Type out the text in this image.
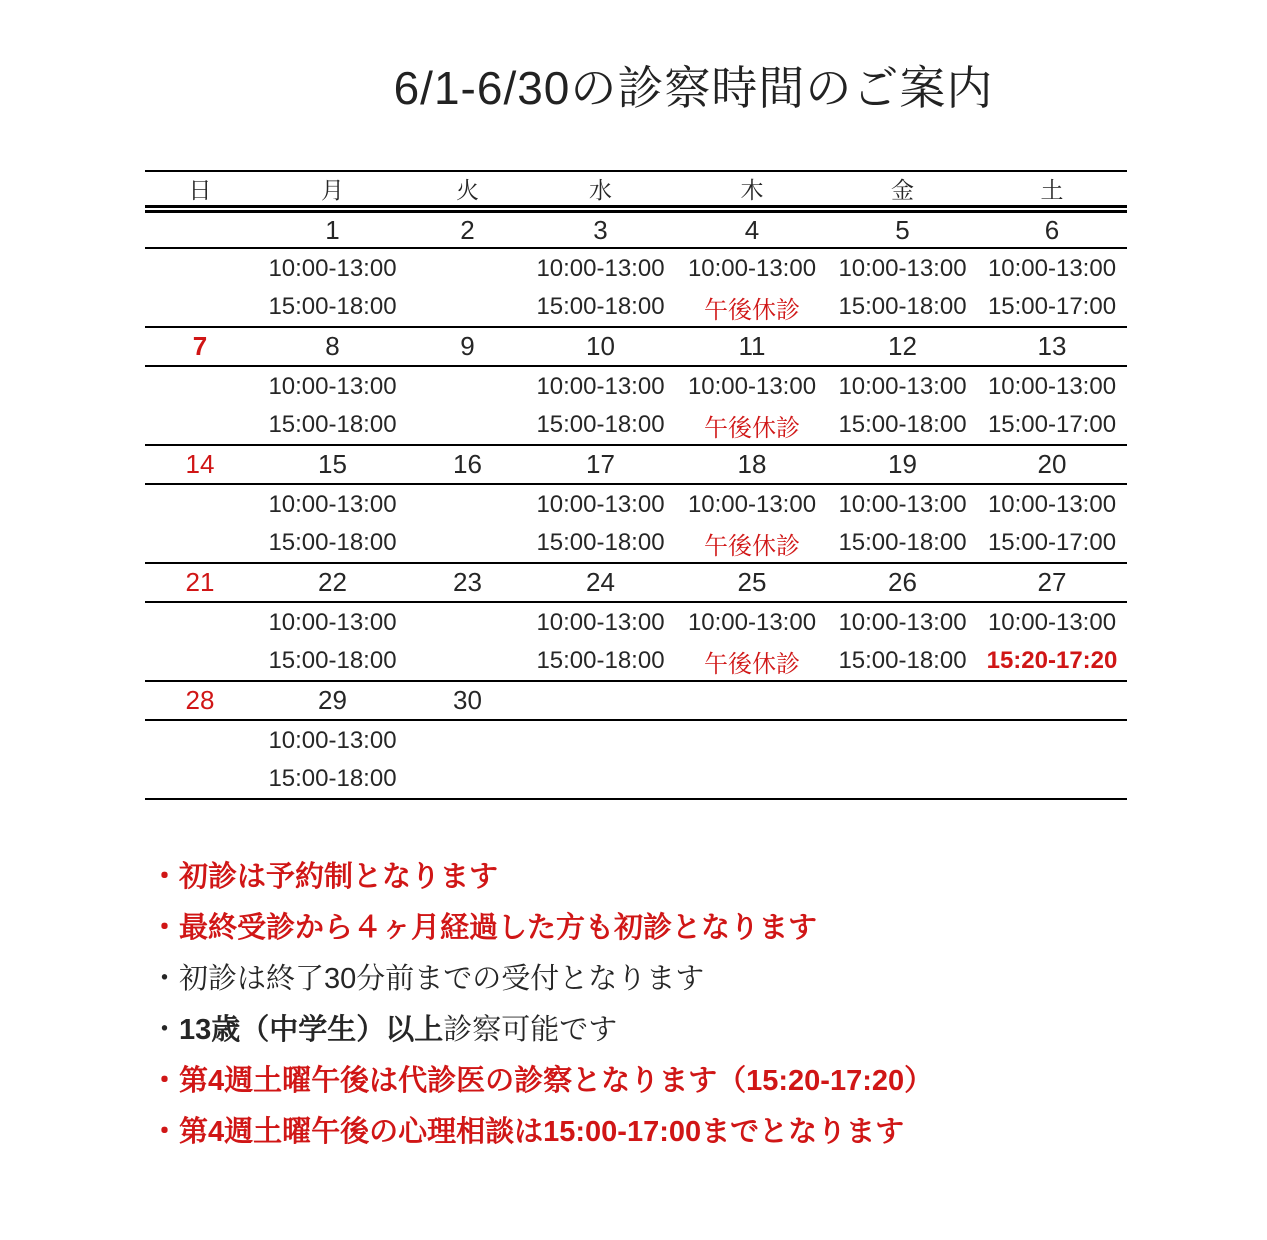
6/1-6/30の診察時間のご案内
日	月	火	水	木	金	土
	1	2	3	4	5	6
	10:00-13:00		10:00-13:00	10:00-13:00	10:00-13:00	10:00-13:00
	15:00-18:00		15:00-18:00	午後休診	15:00-18:00	15:00-17:00
7	8	9	10	11	12	13
	10:00-13:00		10:00-13:00	10:00-13:00	10:00-13:00	10:00-13:00
	15:00-18:00		15:00-18:00	午後休診	15:00-18:00	15:00-17:00
14	15	16	17	18	19	20
	10:00-13:00		10:00-13:00	10:00-13:00	10:00-13:00	10:00-13:00
	15:00-18:00		15:00-18:00	午後休診	15:00-18:00	15:00-17:00
21	22	23	24	25	26	27
	10:00-13:00		10:00-13:00	10:00-13:00	10:00-13:00	10:00-13:00
	15:00-18:00		15:00-18:00	午後休診	15:00-18:00	15:20-17:20
28	29	30				
	10:00-13:00					
	15:00-18:00					
・初診は予約制となります
・最終受診から４ヶ月経過した方も初診となります
・初診は終了30分前までの受付となります
・13歳（中学生）以上診察可能です
・第4週土曜午後は代診医の診察となります（15:20-17:20）
・第4週土曜午後の心理相談は15:00-17:00までとなります
